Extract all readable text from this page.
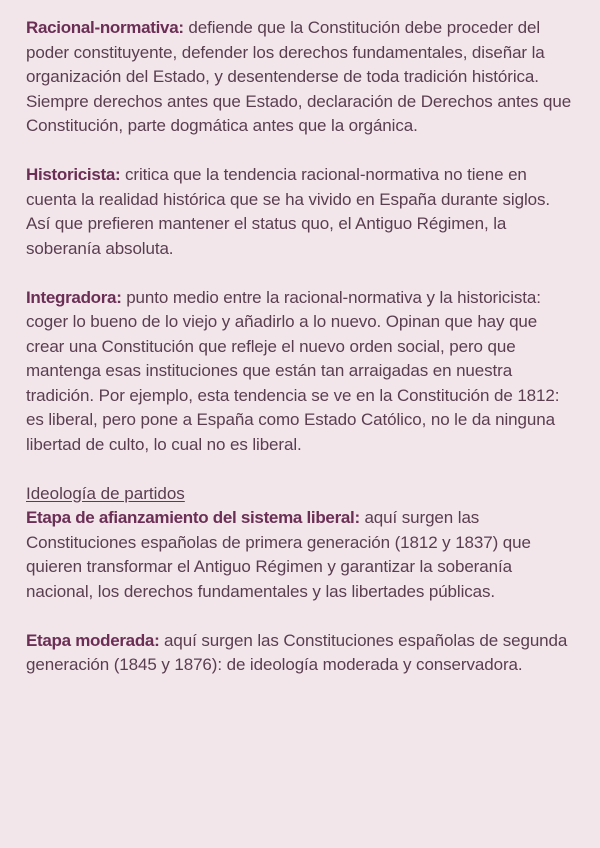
Racional-normativa: defiende que la Constitución debe proceder del poder constituyente, defender los derechos fundamentales, diseñar la organización del Estado, y desentenderse de toda tradición histórica. Siempre derechos antes que Estado, declaración de Derechos antes que Constitución, parte dogmática antes que la orgánica.

Historicista: critica que la tendencia racional-normativa no tiene en cuenta la realidad histórica que se ha vivido en España durante siglos. Así que prefieren mantener el status quo, el Antiguo Régimen, la soberanía absoluta.

Integradora: punto medio entre la racional-normativa y la historicista: coger lo bueno de lo viejo y añadirlo a lo nuevo. Opinan que hay que crear una Constitución que refleje el nuevo orden social, pero que mantenga esas instituciones que están tan arraigadas en nuestra tradición. Por ejemplo, esta tendencia se ve en la Constitución de 1812: es liberal, pero pone a España como Estado Católico, no le da ninguna libertad de culto, lo cual no es liberal.

Ideología de partidos

Etapa de afianzamiento del sistema liberal: aquí surgen las Constituciones españolas de primera generación (1812 y 1837) que quieren transformar el Antiguo Régimen y garantizar la soberanía nacional, los derechos fundamentales y las libertades públicas.

Etapa moderada: aquí surgen las Constituciones españolas de segunda generación (1845 y 1876): de ideología moderada y conservadora.
